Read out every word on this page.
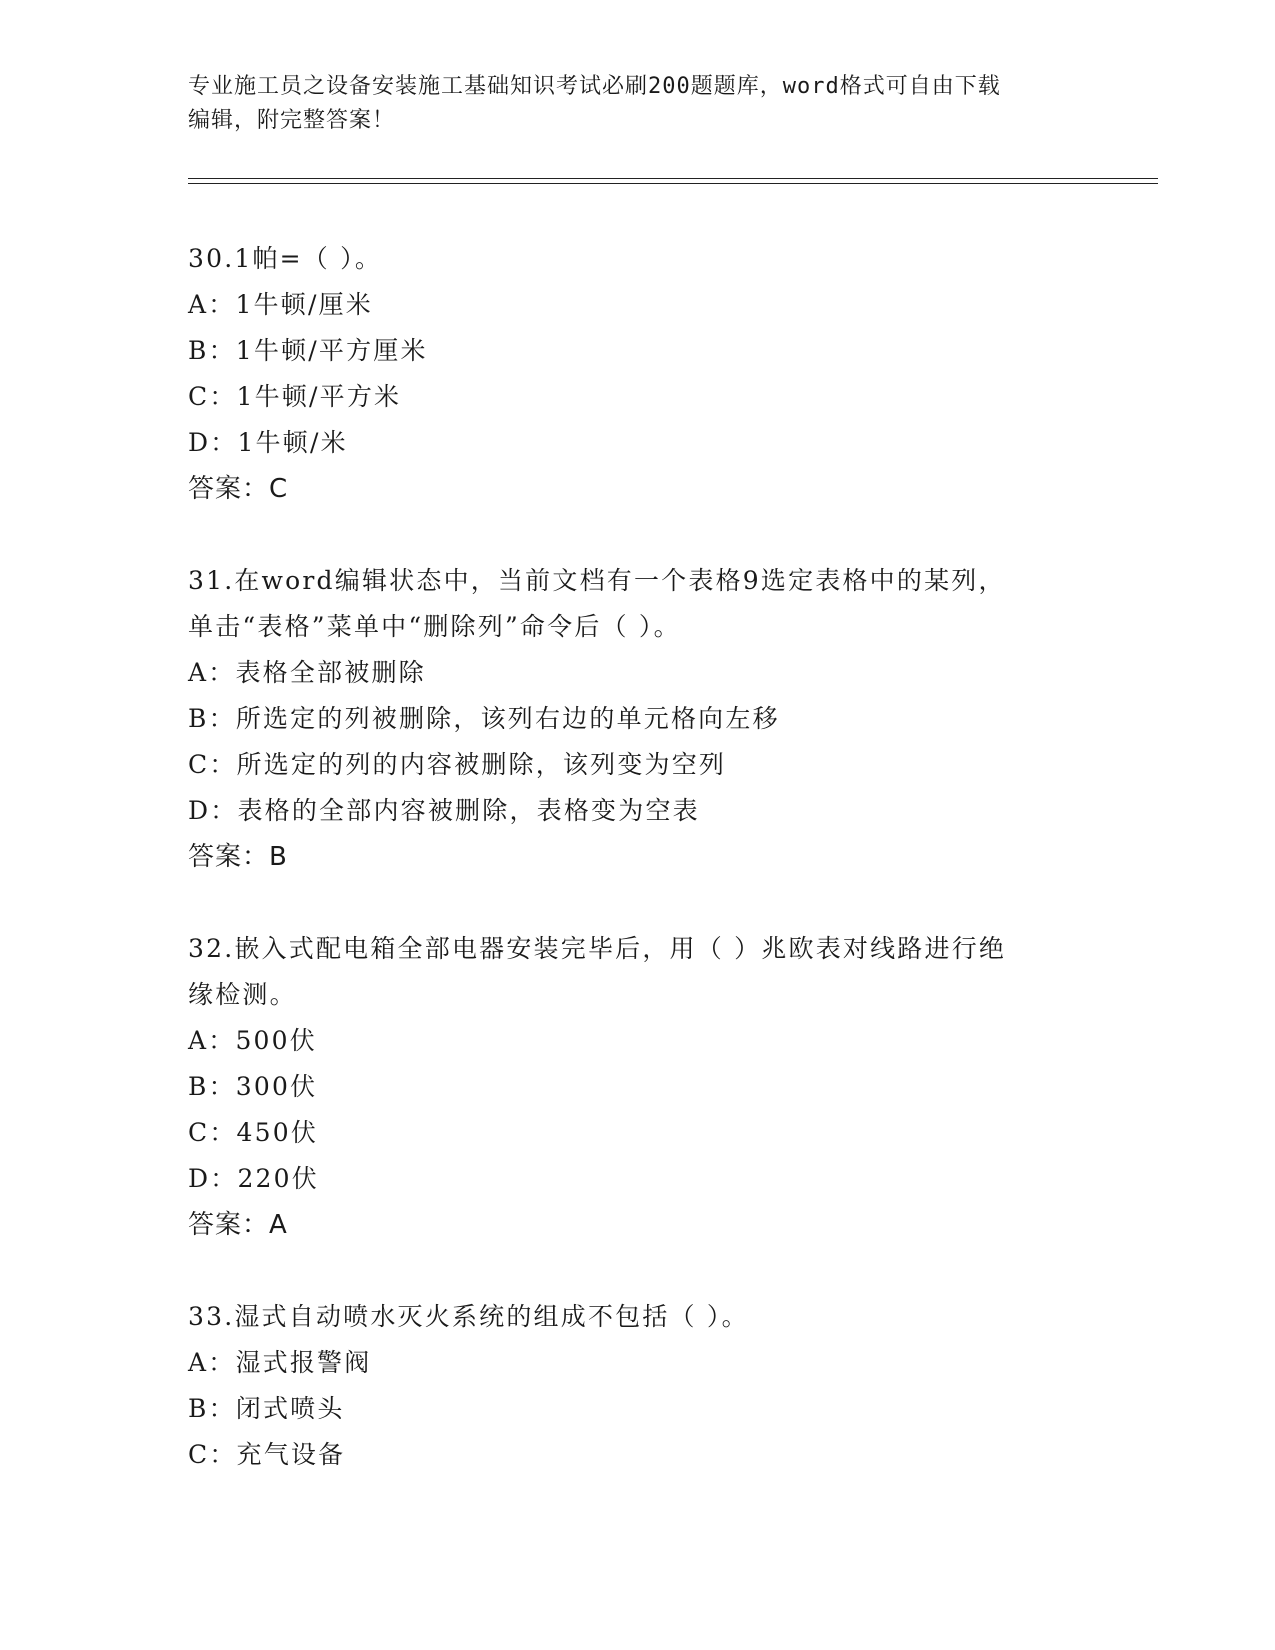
专业施工员之设备安装施工基础知识考试必刷200题题库，word格式可自由下载
编辑，附完整答案！
30.1帕=（ ）。
A：1牛顿/厘米
B：1牛顿/平方厘米
C：1牛顿/平方米
D：1牛顿/米
答案：C
31.在word编辑状态中，当前文档有一个表格9选定表格中的某列，
单击“表格”菜单中“删除列”命令后（ ）。
A：表格全部被删除
B：所选定的列被删除，该列右边的单元格向左移
C：所选定的列的内容被删除，该列变为空列
D：表格的全部内容被删除，表格变为空表
答案：B
32.嵌入式配电箱全部电器安装完毕后，用（ ）兆欧表对线路进行绝
缘检测。
A：500伏
B：300伏
C：450伏
D：220伏
答案：A
33.湿式自动喷水灭火系统的组成不包括（ ）。
A：湿式报警阀
B：闭式喷头
C：充气设备
